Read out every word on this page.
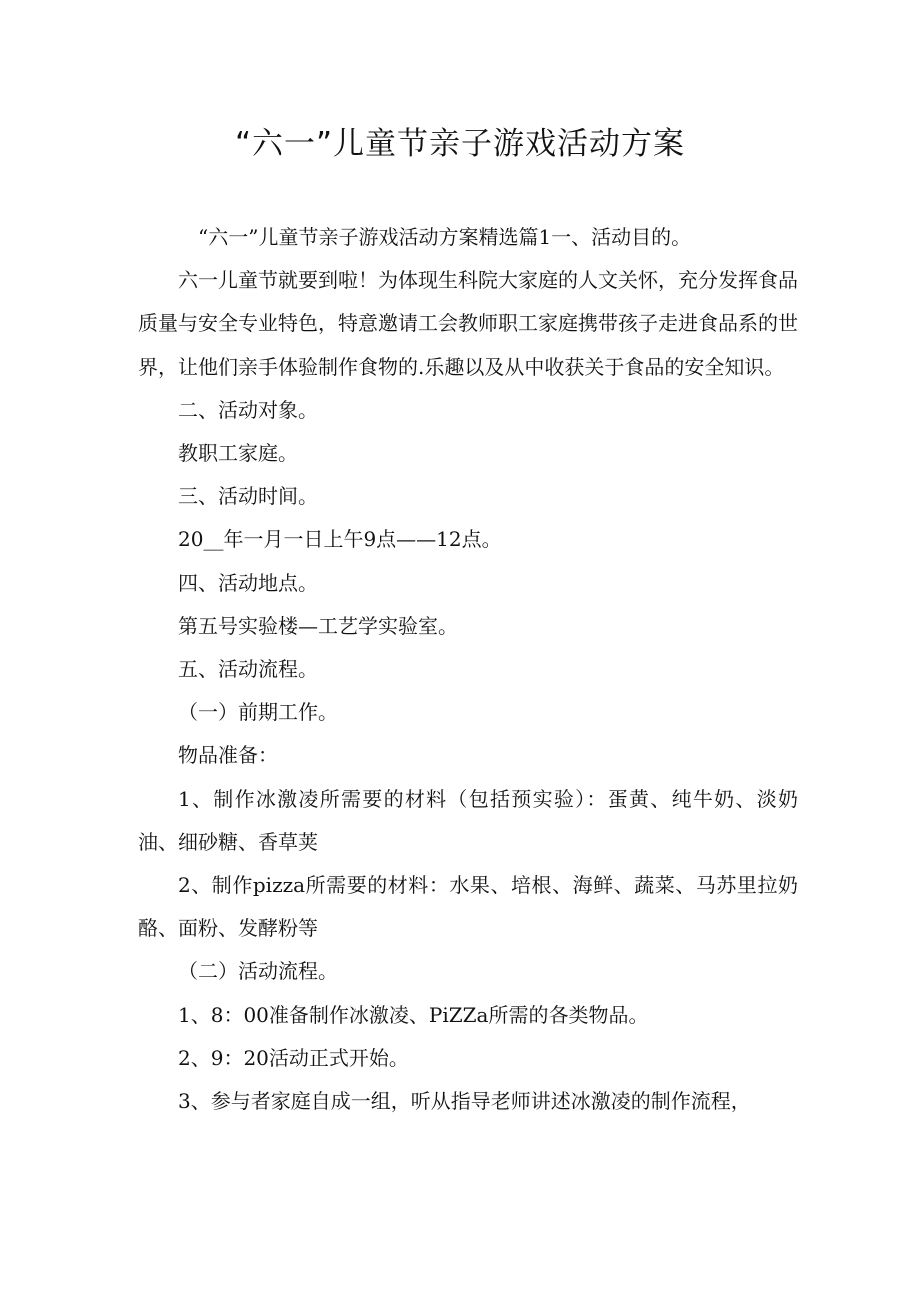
“六一”儿童节亲子游戏活动方案

“六一”儿童节亲子游戏活动方案精选篇1一、活动目的。

六一儿童节就要到啦！为体现生科院大家庭的人文关怀，充分发挥食品质量与安全专业特色，特意邀请工会教师职工家庭携带孩子走进食品系的世界，让他们亲手体验制作食物的.乐趣以及从中收获关于食品的安全知识。

二、活动对象。

教职工家庭。

三、活动时间。

20__年一月一日上午9点——12点。

四、活动地点。

第五号实验楼—工艺学实验室。

五、活动流程。

（一）前期工作。

物品准备：

1、制作冰激凌所需要的材料（包括预实验）：蛋黄、纯牛奶、淡奶油、细砂糖、香草荚

2、制作pizza所需要的材料：水果、培根、海鲜、蔬菜、马苏里拉奶酪、面粉、发酵粉等

（二）活动流程。

1、8：00准备制作冰激凌、PiZZa所需的各类物品。

2、9：20活动正式开始。

3、参与者家庭自成一组，听从指导老师讲述冰激凌的制作流程，
